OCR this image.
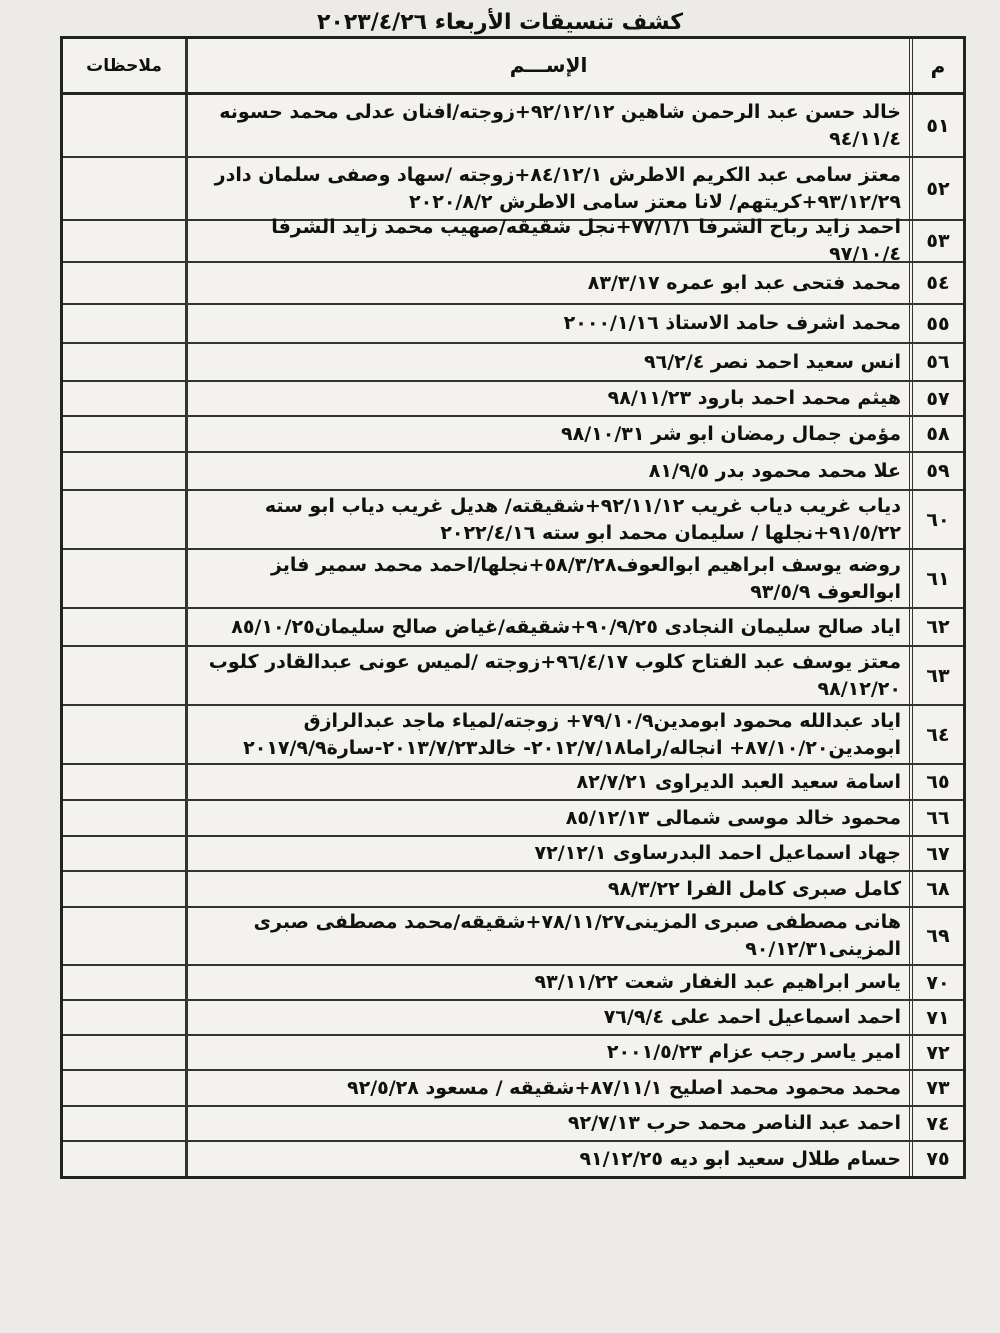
كشف تنسيقات الأربعاء ٢٠٢٣/٤/٢٦
م
الإســـم
ملاحظات
٥١
خالد حسن عبد الرحمن شاهين ٩٢/١٢/١٢+زوجته/افنان عدلى محمد حسونه ٩٤/١١/٤
٥٢
معتز سامى عبد الكريم الاطرش ٨٤/١٢/١+زوجته /سهاد وصفى سلمان دادر ٩٣/١٢/٢٩+كريتهم/ لانا معتز سامى الاطرش ٢٠٢٠/٨/٢
٥٣
احمد زايد رباح الشرفا ٧٧/١/١+نجل شقيقه/صهيب محمد زايد الشرفا ٩٧/١٠/٤
٥٤
محمد فتحى عبد ابو عمره ٨٣/٣/١٧
٥٥
محمد اشرف حامد الاستاذ ٢٠٠٠/١/١٦
٥٦
انس سعيد احمد نصر ٩٦/٢/٤
٥٧
هيثم محمد احمد بارود ٩٨/١١/٢٣
٥٨
مؤمن جمال رمضان ابو شر ٩٨/١٠/٣١
٥٩
علا محمد محمود بدر ٨١/٩/٥
٦٠
دياب غريب دياب غريب ٩٢/١١/١٢+شقيقته/ هديل غريب دياب ابو سته ٩١/٥/٢٢+نجلها / سليمان محمد ابو سته ٢٠٢٢/٤/١٦
٦١
روضه يوسف ابراهيم ابوالعوف٥٨/٣/٢٨+نجلها/احمد محمد سمير فايز ابوالعوف ٩٣/٥/٩
٦٢
اياد صالح سليمان النجادى ٩٠/٩/٢٥+شقيقه/غياض صالح سليمان٨٥/١٠/٢٥
٦٣
معتز يوسف عبد الفتاح كلوب ٩٦/٤/١٧+زوجته /لميس عونى عبدالقادر كلوب ٩٨/١٢/٢٠
٦٤
اياد عبدالله محمود ابومدين٧٩/١٠/٩+ زوجته/لمياء ماجد عبدالرازق ابومدين٨٧/١٠/٢٠+ انجاله/راما٢٠١٢/٧/١٨- خالد٢٠١٣/٧/٢٣-سارة٢٠١٧/٩/٩
٦٥
اسامة سعيد العبد الديراوى ٨٢/٧/٢١
٦٦
محمود خالد موسى شمالى ٨٥/١٢/١٣
٦٧
جهاد اسماعيل احمد البدرساوى ٧٢/١٢/١
٦٨
كامل صبرى كامل الفرا ٩٨/٣/٢٢
٦٩
هانى مصطفى صبرى المزينى٧٨/١١/٢٧+شقيقه/محمد مصطفى صبرى المزينى٩٠/١٢/٣١
٧٠
ياسر ابراهيم عبد الغفار شعت ٩٣/١١/٢٢
٧١
احمد اسماعيل احمد على ٧٦/٩/٤
٧٢
امير ياسر رجب عزام ٢٠٠١/٥/٢٣
٧٣
محمد محمود محمد اصليح ٨٧/١١/١+شقيقه / مسعود ٩٢/٥/٢٨
٧٤
احمد عبد الناصر محمد حرب ٩٢/٧/١٣
٧٥
حسام طلال سعيد ابو ديه ٩١/١٢/٢٥
